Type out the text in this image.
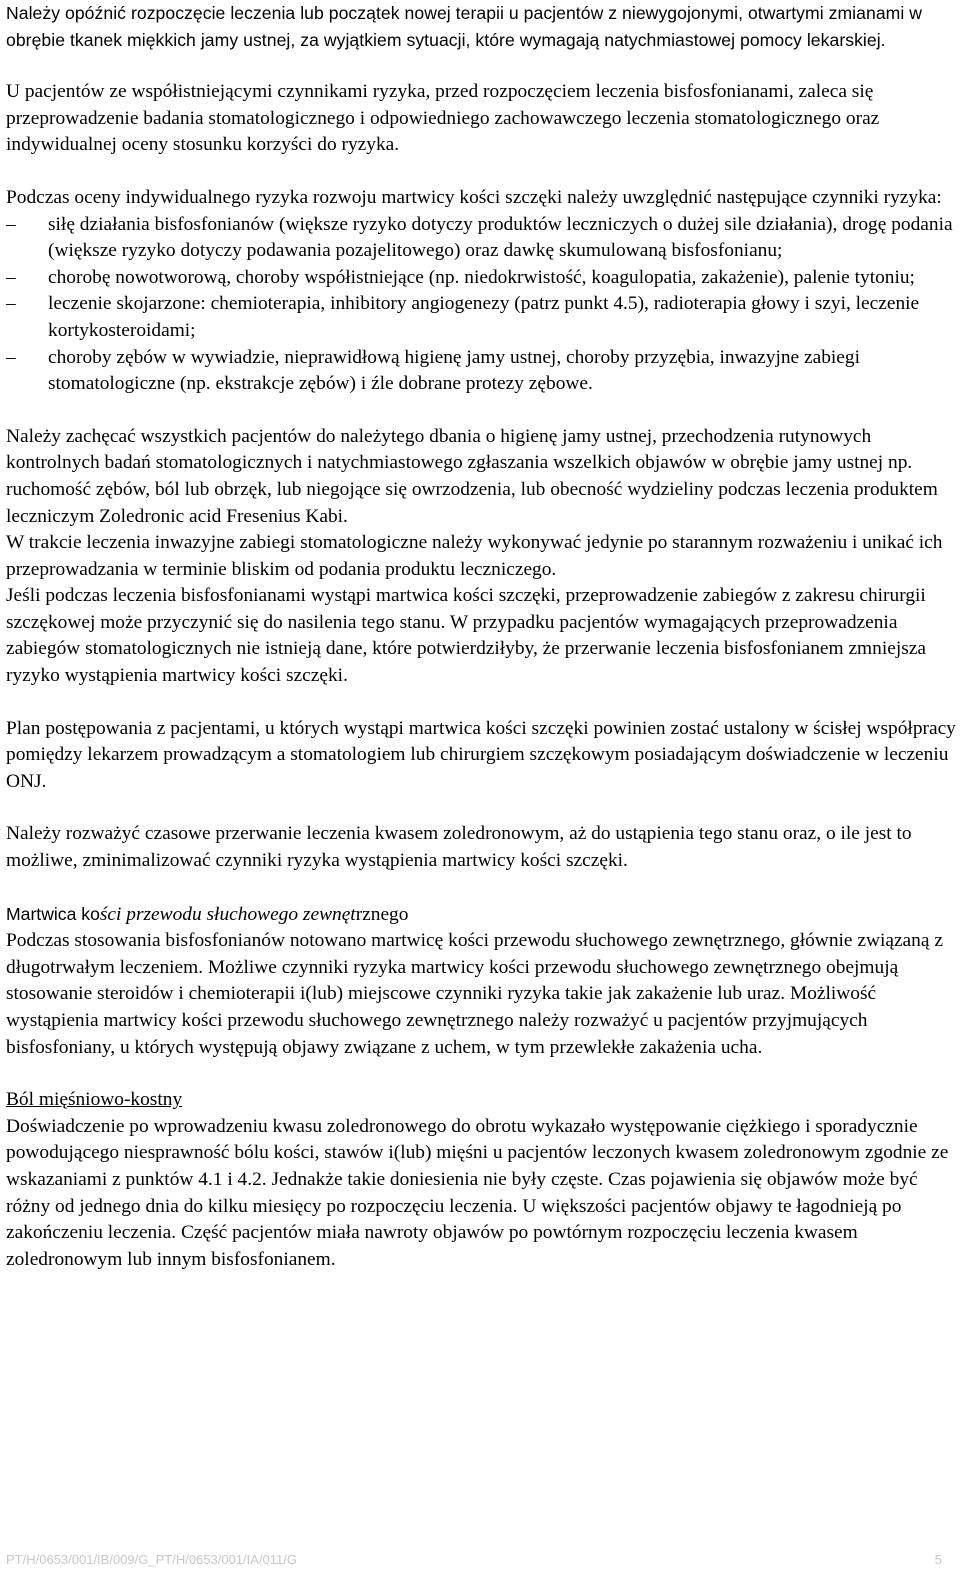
Należy opóźnić rozpoczęcie leczenia lub początek nowej terapii u pacjentów z niewygojonymi, otwartymi zmianami w obrębie tkanek miękkich jamy ustnej, za wyjątkiem sytuacji, które wymagają natychmiastowej pomocy lekarskiej.

U pacjentów ze współistniejącymi czynnikami ryzyka, przed rozpoczęciem leczenia bisfosfonianami, zaleca się przeprowadzenie badania stomatologicznego i odpowiedniego zachowawczego leczenia stomatologicznego oraz indywidualnej oceny stosunku korzyści do ryzyka.

Podczas oceny indywidualnego ryzyka rozwoju martwicy kości szczęki należy uwzględnić następujące czynniki ryzyka:

–	siłę działania bisfosfonianów (większe ryzyko dotyczy produktów leczniczych o dużej sile działania), drogę podania (większe ryzyko dotyczy podawania pozajelitowego) oraz dawkę skumulowaną bisfosfonianu;
–	chorobę nowotworową, choroby współistniejące (np. niedokrwistość, koagulopatia, zakażenie), palenie tytoniu;
–	leczenie skojarzone: chemioterapia, inhibitory angiogenezy (patrz punkt 4.5), radioterapia głowy i szyi, leczenie kortykosteroidami;
–	choroby zębów w wywiadzie, nieprawidłową higienę jamy ustnej, choroby przyzębia, inwazyjne zabiegi stomatologiczne (np. ekstrakcje zębów) i źle dobrane protezy zębowe.

Należy zachęcać wszystkich pacjentów do należytego dbania o higienę jamy ustnej, przechodzenia rutynowych kontrolnych badań stomatologicznych i natychmiastowego zgłaszania wszelkich objawów w obrębie jamy ustnej np. ruchomość zębów, ból lub obrzęk, lub niegojące się owrzodzenia, lub obecność wydzieliny podczas leczenia produktem leczniczym Zoledronic acid Fresenius Kabi.

W trakcie leczenia inwazyjne zabiegi stomatologiczne należy wykonywać jedynie po starannym rozważeniu i unikać ich przeprowadzania w terminie bliskim od podania produktu leczniczego.

Jeśli podczas leczenia bisfosfonianami wystąpi martwica kości szczęki, przeprowadzenie zabiegów z zakresu chirurgii szczękowej może przyczynić się do nasilenia tego stanu. W przypadku pacjentów wymagających przeprowadzenia zabiegów stomatologicznych nie istnieją dane, które potwierdziłyby, że przerwanie leczenia bisfosfonianem zmniejsza ryzyko wystąpienia martwicy kości szczęki.

Plan postępowania z pacjentami, u których wystąpi martwica kości szczęki powinien zostać ustalony w ścisłej współpracy pomiędzy lekarzem prowadzącym a stomatologiem lub chirurgiem szczękowym posiadającym doświadczenie w leczeniu ONJ.

Należy rozważyć czasowe przerwanie leczenia kwasem zoledronowym, aż do ustąpienia tego stanu oraz, o ile jest to możliwe, zminimalizować czynniki ryzyka wystąpienia martwicy kości szczęki.

Martwica kości przewodu słuchowego zewnętrznego

Podczas stosowania bisfosfonianów notowano martwicę kości przewodu słuchowego zewnętrznego, głównie związaną z długotrwałym leczeniem. Możliwe czynniki ryzyka martwicy kości przewodu słuchowego zewnętrznego obejmują stosowanie steroidów i chemioterapii i(lub) miejscowe czynniki ryzyka takie jak zakażenie lub uraz. Możliwość wystąpienia martwicy kości przewodu słuchowego zewnętrznego należy rozważyć u pacjentów przyjmujących bisfosfoniany, u których występują objawy związane z uchem, w tym przewlekłe zakażenia ucha.

Ból mięśniowo-kostny

Doświadczenie po wprowadzeniu kwasu zoledronowego do obrotu wykazało występowanie ciężkiego i sporadycznie powodującego niesprawność bólu kości, stawów i(lub) mięśni u pacjentów leczonych kwasem zoledronowym zgodnie ze wskazaniami z punktów 4.1 i 4.2. Jednakże takie doniesienia nie były częste. Czas pojawienia się objawów może być różny od jednego dnia do kilku miesięcy po rozpoczęciu leczenia. U większości pacjentów objawy te łagodnieją po zakończeniu leczenia. Część pacjentów miała nawroty objawów po powtórnym rozpoczęciu leczenia kwasem zoledronowym lub innym bisfosfonianem.

PT/H/0653/001/IB/009/G_PT/H/0653/001/IA/011/G	5
